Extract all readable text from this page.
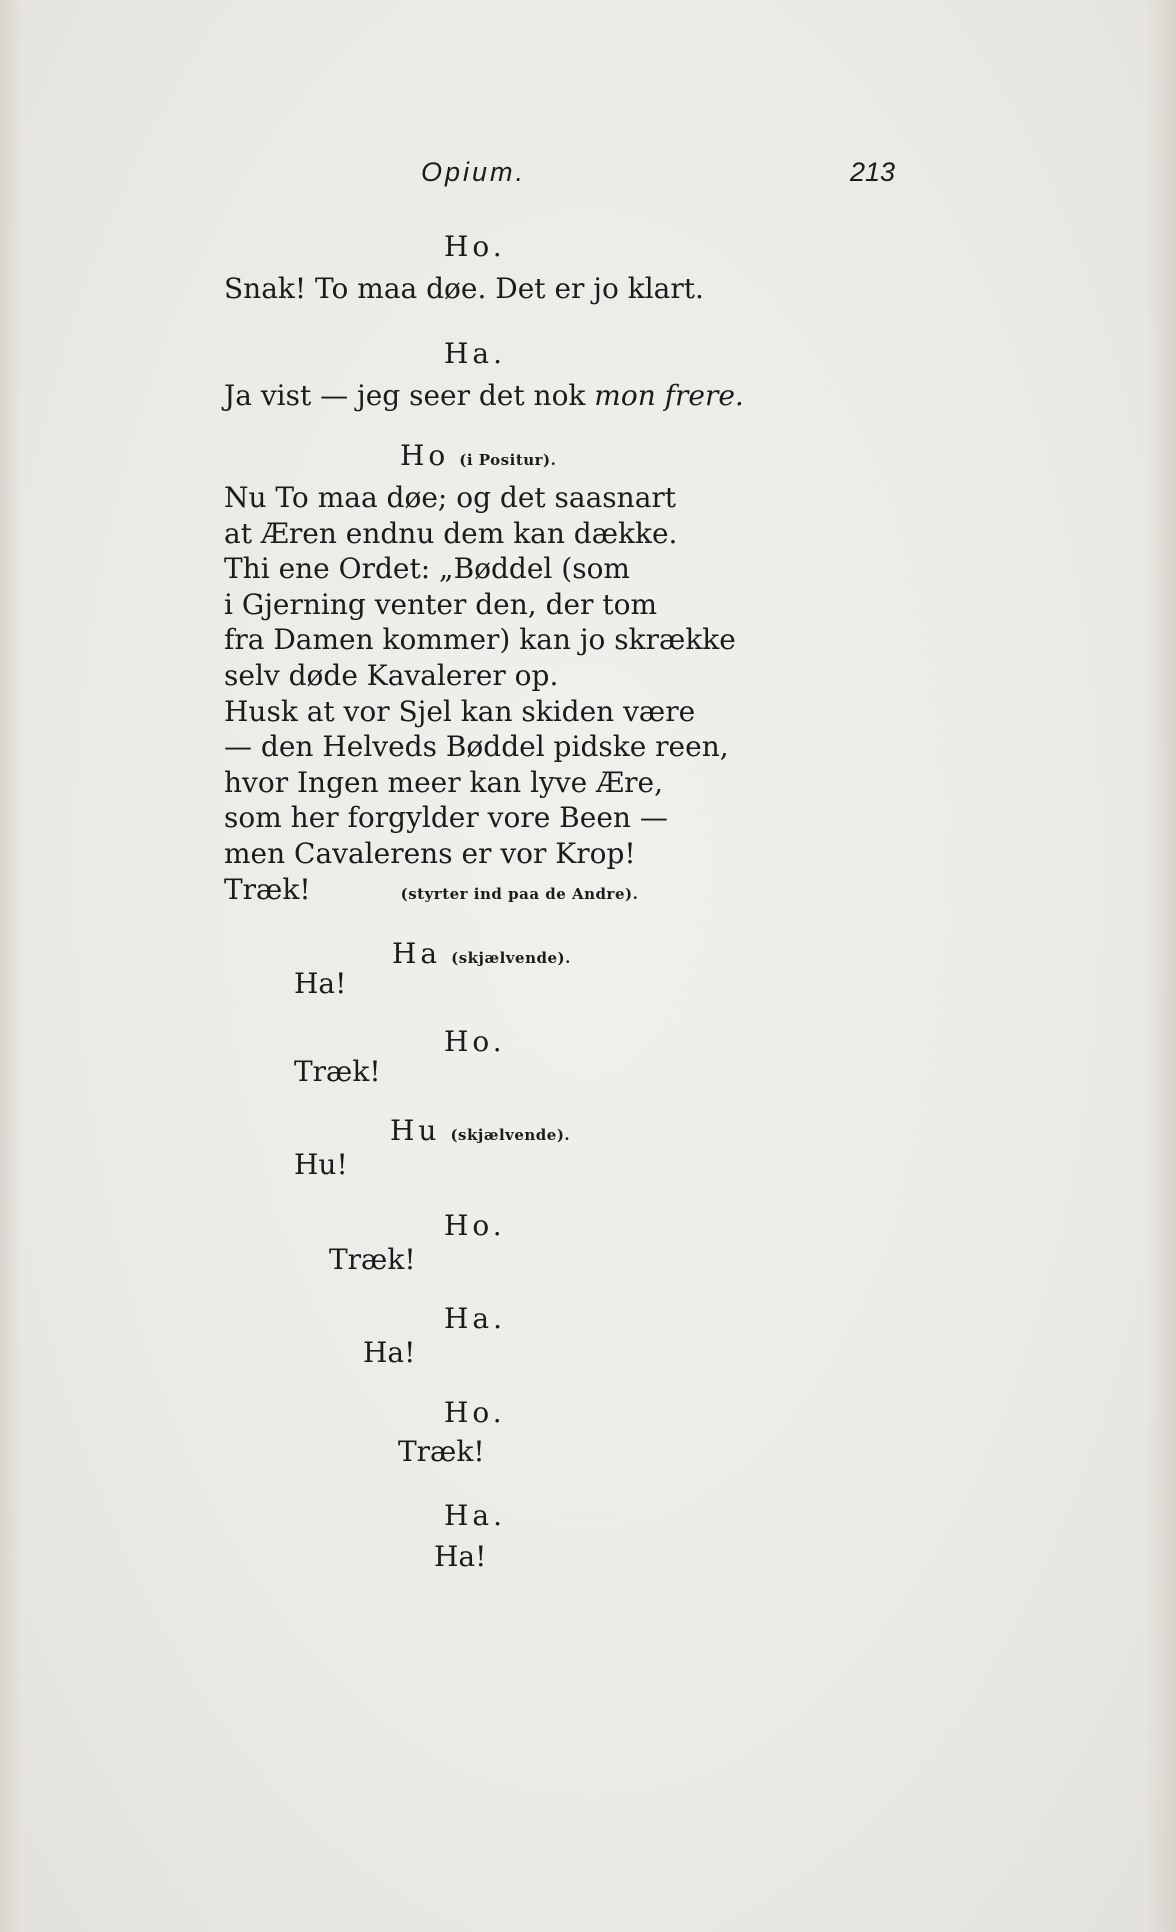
Opium.	213
Ho.
Snak! To maa døe. Det er jo klart.
Ha.
Ja vist — jeg seer det nok mon frere.
Ho (i Positur).
Nu To maa døe; og det saasnart
at Æren endnu dem kan dække.
Thi ene Ordet: „Bøddel (som
i Gjerning venter den, der tom
fra Damen kommer) kan jo skrække
selv døde Kavalerer op.
Husk at vor Sjel kan skiden være
— den Helveds Bøddel pidske reen,
hvor Ingen meer kan lyve Ære,
som her forgylder vore Been —
men Cavalerens er vor Krop!
Træk!	(styrter ind paa de Andre).
Ha (skjælvende).
Ha!
Ho.
Træk!
Hu (skjælvende).
Hu!
Ho.
Træk!
Ha.
Ha!
Ho.
Træk!
Ha.
Ha!
